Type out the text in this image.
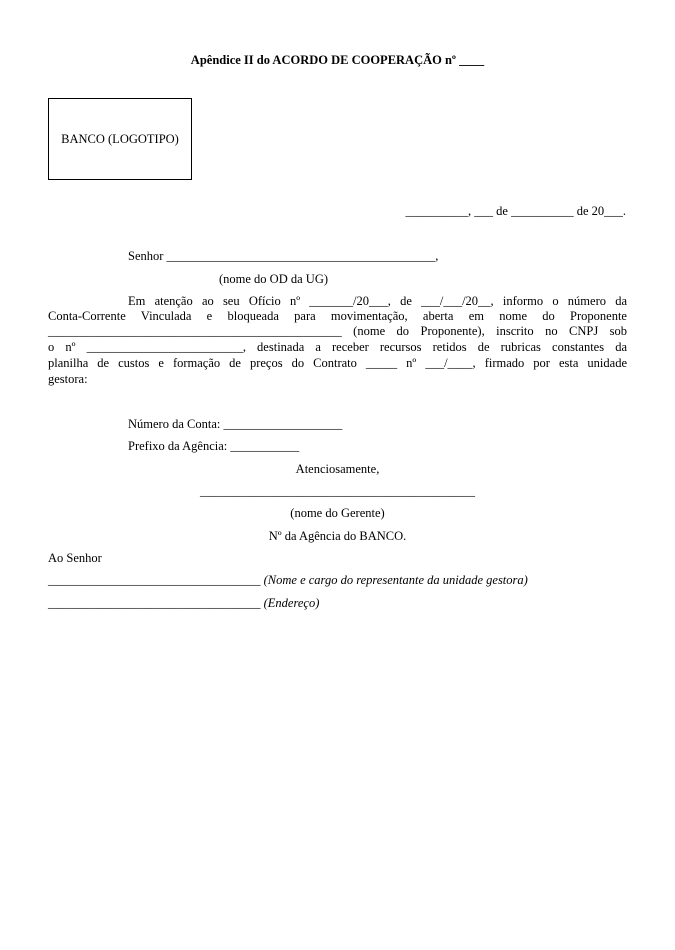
Apêndice II do ACORDO DE COOPERAÇÃO nº ____
BANCO (LOGOTIPO)
__________, ___ de __________ de 20___.
Senhor ___________________________________________,
(nome do OD da UG)
Em atenção ao seu Ofício nº _______/20___, de ___/___/20__, informo o número da
Conta-Corrente Vinculada e bloqueada para movimentação, aberta em nome do Proponente
_______________________________________________ (nome do Proponente), inscrito no CNPJ sob
o nº _________________________, destinada a receber recursos retidos de rubricas constantes da
planilha de custos e formação de preços do Contrato _____ nº ___/____, firmado por esta unidade
gestora:
Número da Conta: ___________________
Prefixo da Agência: ___________
Atenciosamente,
____________________________________________
(nome do Gerente)
Nº da Agência do BANCO.
Ao Senhor
__________________________________ (Nome e cargo do representante da unidade gestora)
__________________________________ (Endereço)
